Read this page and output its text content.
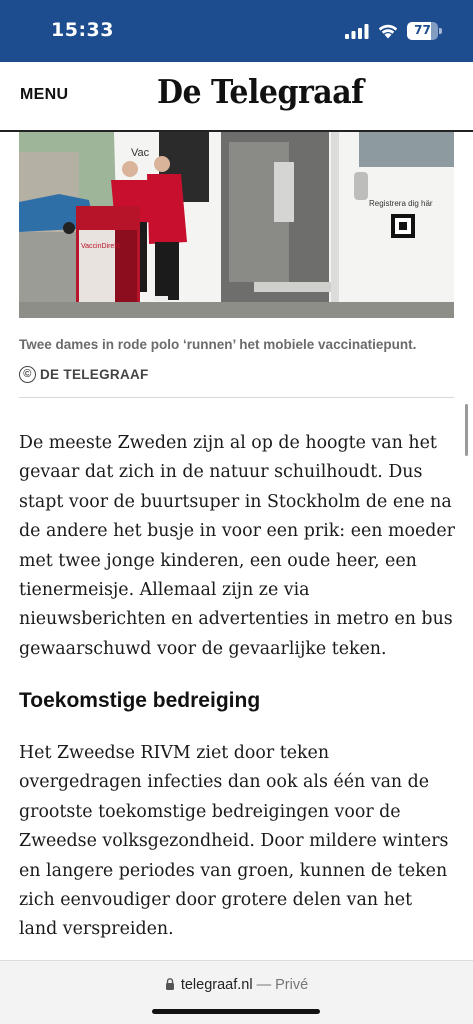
15:33	77
MENU	De Telegraaf
Registrera dig här
Vac
VaccinDirekt

Twee dames in rode polo ‘runnen’ het mobiele vaccinatiepunt.

© DE TELEGRAAF

De meeste Zweden zijn al op de hoogte van het gevaar dat zich in de natuur schuilhoudt. Dus stapt voor de buurtsuper in Stockholm de ene na de andere het busje in voor een prik: een moeder met twee jonge kinderen, een oude heer, een tienermeisje. Allemaal zijn ze via nieuwsberichten en advertenties in metro en bus gewaarschuwd voor de gevaarlijke teken.

Toekomstige bedreiging

Het Zweedse RIVM ziet door teken overgedragen infecties dan ook als één van de grootste toekomstige bedreigingen voor de Zweedse volksgezondheid. Door mildere winters en langere periodes van groen, kunnen de teken zich eenvoudiger door grotere delen van het land verspreiden.

telegraaf.nl — Privé
